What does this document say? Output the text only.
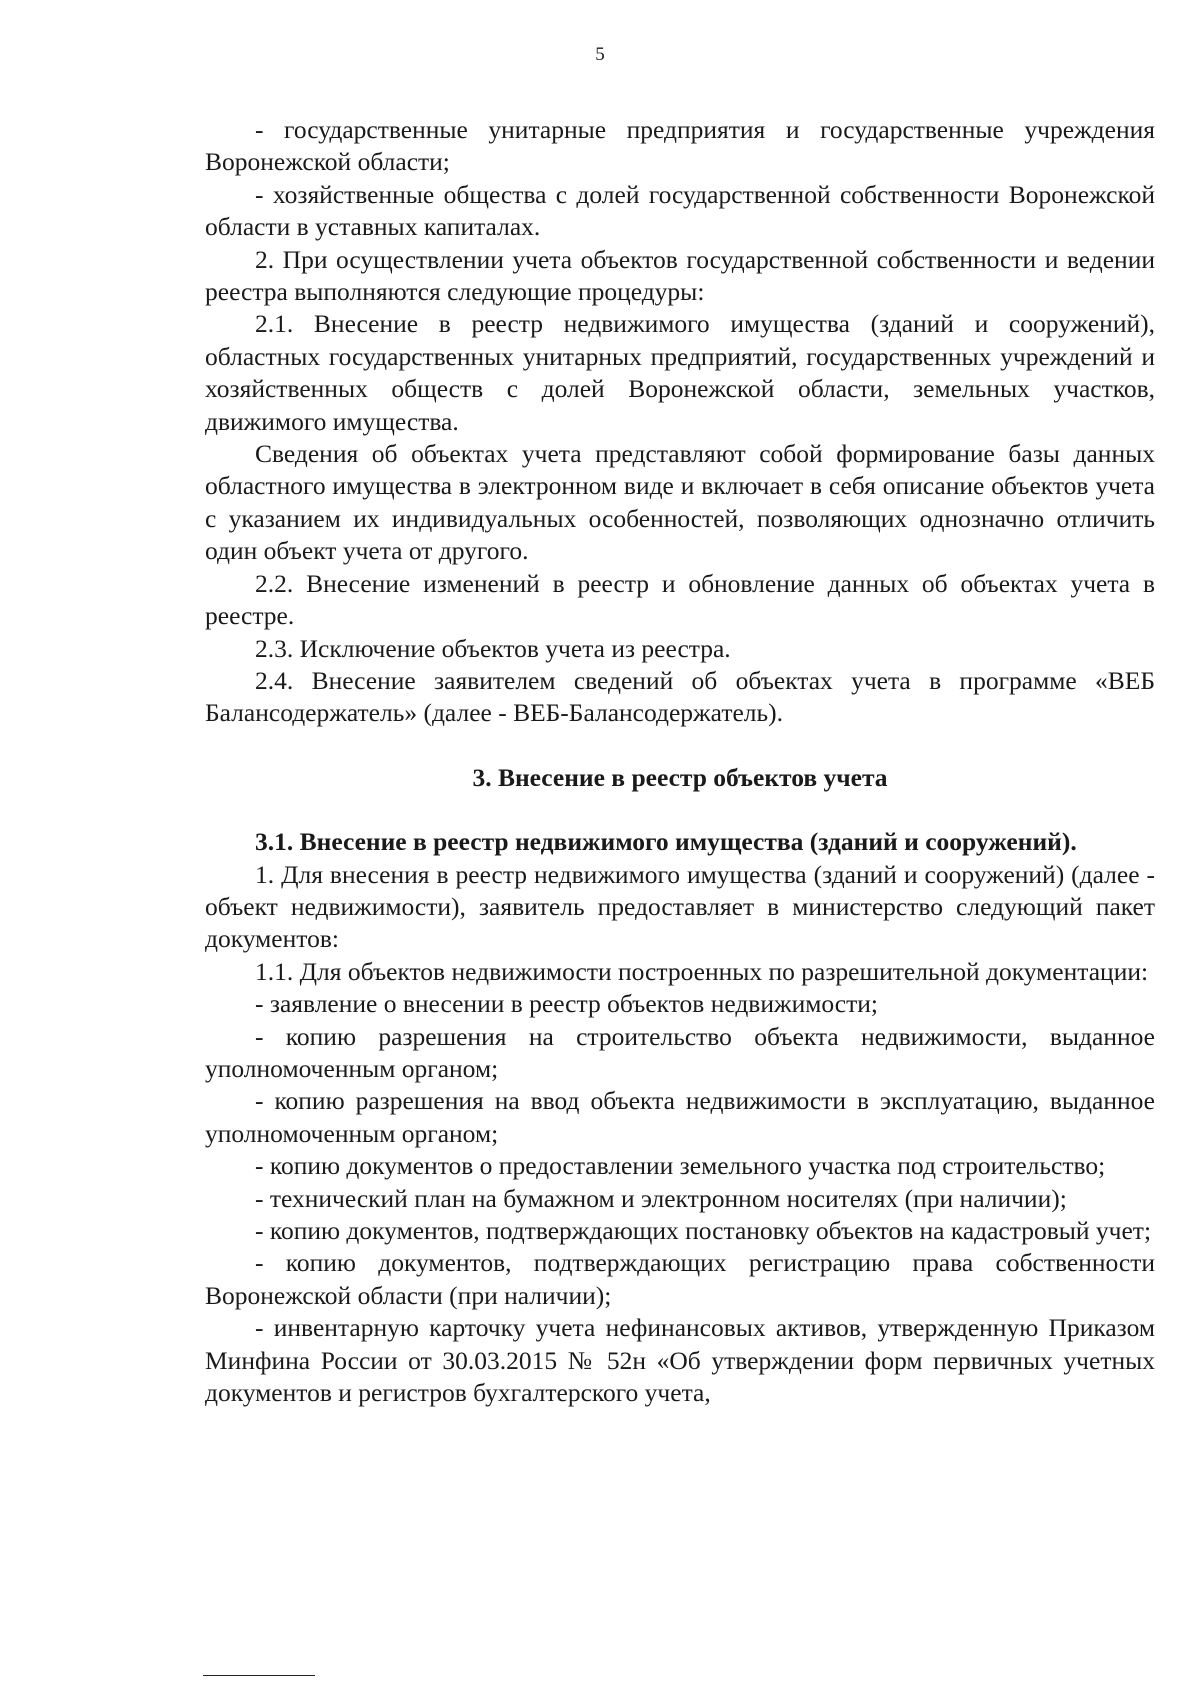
5

- государственные унитарные предприятия и государственные учреждения Воронежской области;

- хозяйственные общества с долей государственной собственности Воронежской области в уставных капиталах.

2. При осуществлении учета объектов государственной собственности и ведении реестра выполняются следующие процедуры:

2.1. Внесение в реестр недвижимого имущества (зданий и сооружений), областных государственных унитарных предприятий, государственных учреждений и хозяйственных обществ с долей Воронежской области, земельных участков, движимого имущества.

Сведения об объектах учета представляют собой формирование базы данных областного имущества в электронном виде и включает в себя описание объектов учета с указанием их индивидуальных особенностей, позволяющих однозначно отличить один объект учета от другого.

2.2. Внесение изменений в реестр и обновление данных об объектах учета в реестре.

2.3. Исключение объектов учета из реестра.

2.4. Внесение заявителем сведений об объектах учета в программе «ВЕБ Балансодержатель» (далее - ВЕБ-Балансодержатель).

3. Внесение в реестр объектов учета

3.1. Внесение в реестр недвижимого имущества (зданий и сооружений).

1. Для внесения в реестр недвижимого имущества (зданий и сооружений) (далее - объект недвижимости), заявитель предоставляет в министерство следующий пакет документов:

1.1. Для объектов недвижимости построенных по разрешительной документации:

- заявление о внесении в реестр объектов недвижимости;

- копию разрешения на строительство объекта недвижимости, выданное уполномоченным органом;

- копию разрешения на ввод объекта недвижимости в эксплуатацию, выданное уполномоченным органом;

- копию документов о предоставлении земельного участка под строительство;

- технический план на бумажном и электронном носителях (при наличии);

- копию документов, подтверждающих постановку объектов на кадастровый учет;

- копию документов, подтверждающих регистрацию права собственности Воронежской области (при наличии);

- инвентарную карточку учета нефинансовых активов, утвержденную Приказом Минфина России от 30.03.2015 № 52н «Об утверждении форм первичных учетных документов и регистров бухгалтерского учета,
